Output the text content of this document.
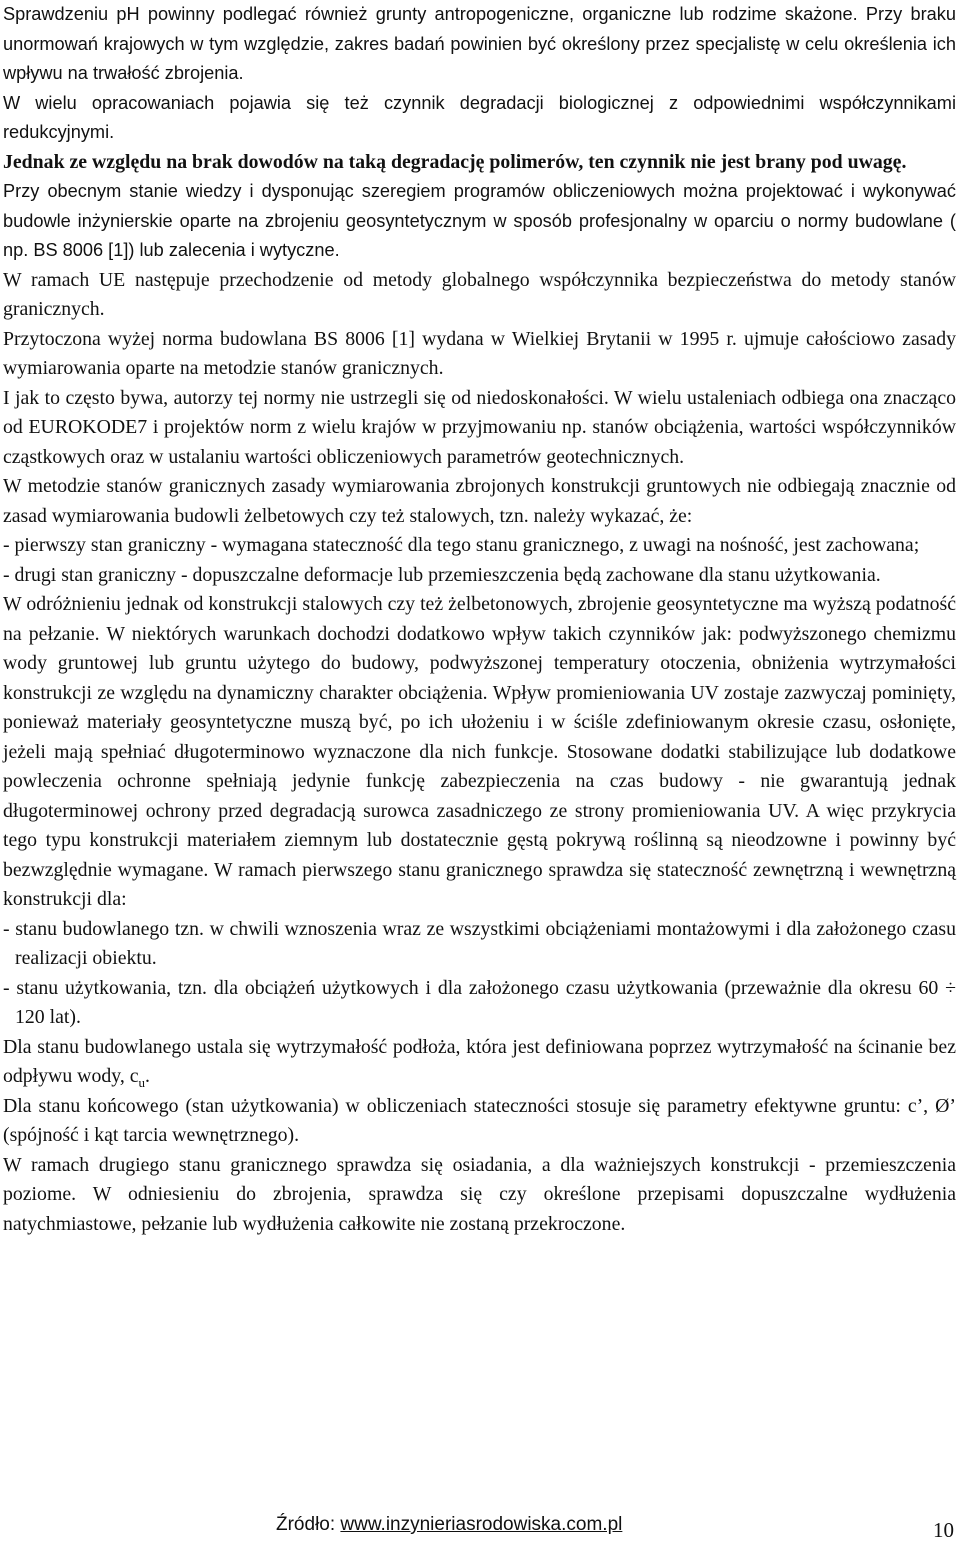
Sprawdzeniu pH powinny podlegać również grunty antropogeniczne, organiczne lub rodzime skażone. Przy braku unormowań krajowych w tym względzie, zakres badań powinien być określony przez specjalistę w celu określenia ich wpływu na trwałość zbrojenia.

W wielu opracowaniach pojawia się też czynnik degradacji biologicznej z odpowiednimi współczynnikami redukcyjnymi.

Jednak ze względu na brak dowodów na taką degradację polimerów, ten czynnik nie jest brany pod uwagę.

Przy obecnym stanie wiedzy i dysponując szeregiem programów obliczeniowych można projektować i wykonywać budowle inżynierskie oparte na zbrojeniu geosyntetycznym w sposób profesjonalny w oparciu o normy budowlane ( np. BS 8006 [1]) lub zalecenia i wytyczne.

W ramach UE następuje przechodzenie od metody globalnego współczynnika bezpieczeństwa do metody stanów granicznych.

Przytoczona wyżej norma budowlana BS 8006 [1] wydana w Wielkiej Brytanii w 1995 r. ujmuje całościowo zasady wymiarowania oparte na metodzie stanów granicznych.

I jak to często bywa, autorzy tej normy nie ustrzegli się od niedoskonałości. W wielu ustaleniach odbiega ona znacząco od EUROKODE7 i projektów norm z wielu krajów w przyjmowaniu np. stanów obciążenia, wartości współczynników cząstkowych oraz w ustalaniu wartości obliczeniowych parametrów geotechnicznych.

W metodzie stanów granicznych zasady wymiarowania zbrojonych konstrukcji gruntowych nie odbiegają znacznie od zasad wymiarowania budowli żelbetowych czy też stalowych, tzn. należy wykazać, że:

- pierwszy stan graniczny - wymagana stateczność dla tego stanu granicznego, z uwagi na nośność, jest zachowana;

- drugi stan graniczny - dopuszczalne deformacje lub przemieszczenia będą zachowane dla stanu użytkowania.

W odróżnieniu jednak od konstrukcji stalowych czy też żelbetonowych, zbrojenie geosyntetyczne ma wyższą podatność na pełzanie. W niektórych warunkach dochodzi dodatkowo wpływ takich czynników jak: podwyższonego chemizmu wody gruntowej lub gruntu użytego do budowy, podwyższonej temperatury otoczenia, obniżenia wytrzymałości konstrukcji ze względu na dynamiczny charakter obciążenia. Wpływ promieniowania UV zostaje zazwyczaj pominięty, ponieważ materiały geosyntetyczne muszą być, po ich ułożeniu i w ściśle zdefiniowanym okresie czasu, osłonięte, jeżeli mają spełniać długoterminowo wyznaczone dla nich funkcje. Stosowane dodatki stabilizujące lub dodatkowe powleczenia ochronne spełniają jedynie funkcję zabezpieczenia na czas budowy - nie gwarantują jednak długoterminowej ochrony przed degradacją surowca zasadniczego ze strony promieniowania UV. A więc przykrycia tego typu konstrukcji materiałem ziemnym lub dostatecznie gęstą pokrywą roślinną są nieodzowne i powinny być bezwzględnie wymagane. W ramach pierwszego stanu granicznego sprawdza się stateczność zewnętrzną i wewnętrzną konstrukcji dla:

- stanu budowlanego tzn. w chwili wznoszenia wraz ze wszystkimi obciążeniami montażowymi i dla założonego czasu realizacji obiektu.

- stanu użytkowania, tzn. dla obciążeń użytkowych i dla założonego czasu użytkowania (przeważnie dla okresu 60 ÷ 120 lat).

Dla stanu budowlanego ustala się wytrzymałość podłoża, która jest definiowana poprzez wytrzymałość na ścinanie bez odpływu wody, $c_u$.

Dla stanu końcowego (stan użytkowania) w obliczeniach stateczności stosuje się parametry efektywne gruntu: c’, Ø’ (spójność i kąt tarcia wewnętrznego).

W ramach drugiego stanu granicznego sprawdza się osiadania, a dla ważniejszych konstrukcji - przemieszczenia poziome. W odniesieniu do zbrojenia, sprawdza się czy określone przepisami dopuszczalne wydłużenia natychmiastowe, pełzanie lub wydłużenia całkowite nie zostaną przekroczone.

Źródło: www.inzynieriasrodowiska.com.pl	10
